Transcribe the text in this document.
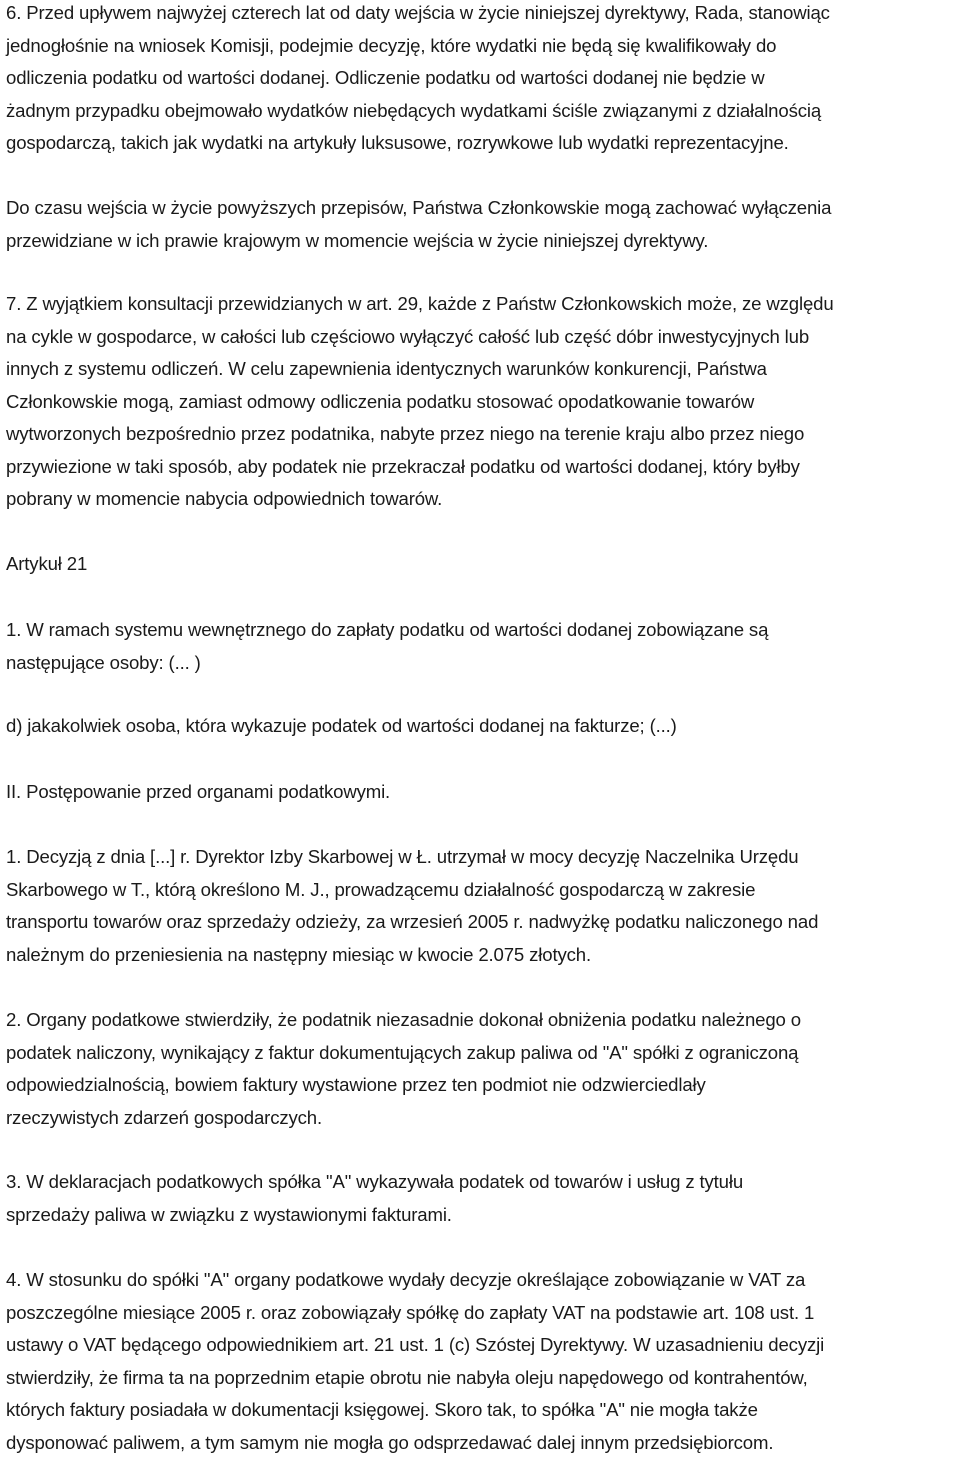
6. Przed upływem najwyżej czterech lat od daty wejścia w życie niniejszej dyrektywy, Rada, stanowiąc
jednogłośnie na wniosek Komisji, podejmie decyzję, które wydatki nie będą się kwalifikowały do
odliczenia podatku od wartości dodanej. Odliczenie podatku od wartości dodanej nie będzie w
żadnym przypadku obejmowało wydatków niebędących wydatkami ściśle związanymi z działalnością
gospodarczą, takich jak wydatki na artykuły luksusowe, rozrywkowe lub wydatki reprezentacyjne.
Do czasu wejścia w życie powyższych przepisów, Państwa Członkowskie mogą zachować wyłączenia
przewidziane w ich prawie krajowym w momencie wejścia w życie niniejszej dyrektywy.
7. Z wyjątkiem konsultacji przewidzianych w art. 29, każde z Państw Członkowskich może, ze względu
na cykle w gospodarce, w całości lub częściowo wyłączyć całość lub część dóbr inwestycyjnych lub
innych z systemu odliczeń. W celu zapewnienia identycznych warunków konkurencji, Państwa
Członkowskie mogą, zamiast odmowy odliczenia podatku stosować opodatkowanie towarów
wytworzonych bezpośrednio przez podatnika, nabyte przez niego na terenie kraju albo przez niego
przywiezione w taki sposób, aby podatek nie przekraczał podatku od wartości dodanej, który byłby
pobrany w momencie nabycia odpowiednich towarów.
Artykuł 21
1. W ramach systemu wewnętrznego do zapłaty podatku od wartości dodanej zobowiązane są
następujące osoby: (... )
d) jakakolwiek osoba, która wykazuje podatek od wartości dodanej na fakturze; (...)
II. Postępowanie przed organami podatkowymi.
1. Decyzją z dnia [...] r. Dyrektor Izby Skarbowej w Ł. utrzymał w mocy decyzję Naczelnika Urzędu
Skarbowego w T., którą określono M. J., prowadzącemu działalność gospodarczą w zakresie
transportu towarów oraz sprzedaży odzieży, za wrzesień 2005 r. nadwyżkę podatku naliczonego nad
należnym do przeniesienia na następny miesiąc w kwocie 2.075 złotych.
2. Organy podatkowe stwierdziły, że podatnik niezasadnie dokonał obniżenia podatku należnego o
podatek naliczony, wynikający z faktur dokumentujących zakup paliwa od "A" spółki z ograniczoną
odpowiedzialnością, bowiem faktury wystawione przez ten podmiot nie odzwierciedlały
rzeczywistych zdarzeń gospodarczych.
3. W deklaracjach podatkowych spółka "A" wykazywała podatek od towarów i usług z tytułu
sprzedaży paliwa w związku z wystawionymi fakturami.
4. W stosunku do spółki "A" organy podatkowe wydały decyzje określające zobowiązanie w VAT za
poszczególne miesiące 2005 r. oraz zobowiązały spółkę do zapłaty VAT na podstawie art. 108 ust. 1
ustawy o VAT będącego odpowiednikiem art. 21 ust. 1 (c) Szóstej Dyrektywy. W uzasadnieniu decyzji
stwierdziły, że firma ta na poprzednim etapie obrotu nie nabyła oleju napędowego od kontrahentów,
których faktury posiadała w dokumentacji księgowej. Skoro tak, to spółka "A" nie mogła także
dysponować paliwem, a tym samym nie mogła go odsprzedawać dalej innym przedsiębiorcom.
